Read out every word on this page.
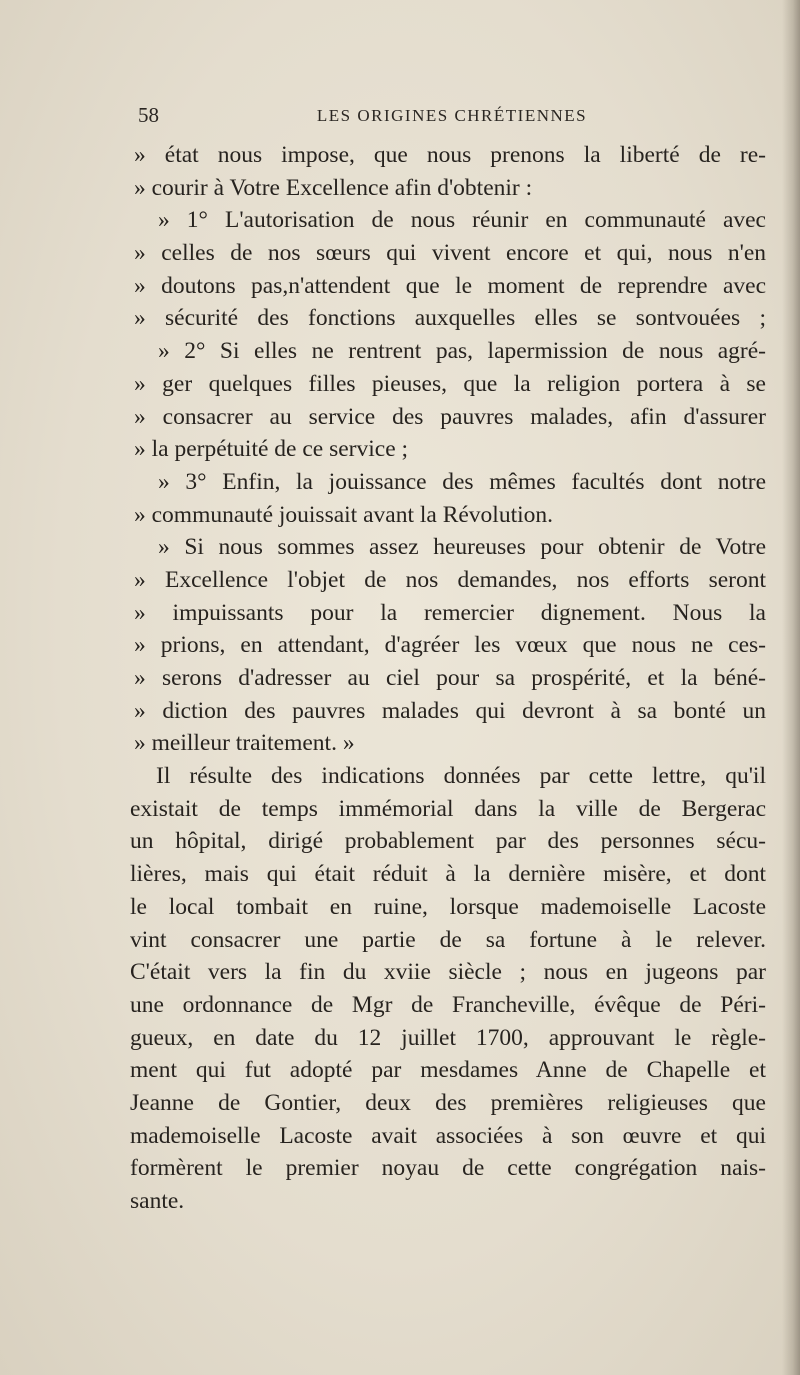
58	LES ORIGINES CHRÉTIENNES
» état nous impose, que nous prenons la liberté de re-
» courir à Votre Excellence afin d'obtenir :
» 1° L'autorisation de nous réunir en communauté avec
» celles de nos sœurs qui vivent encore et qui, nous n'en
» doutons pas,n'attendent que le moment de reprendre avec
» sécurité des fonctions auxquelles elles se sontvouées ;
» 2° Si elles ne rentrent pas, lapermission de nous agré-
» ger quelques filles pieuses, que la religion portera à se
» consacrer au service des pauvres malades, afin d'assurer
» la perpétuité de ce service ;
» 3° Enfin, la jouissance des mêmes facultés dont notre
» communauté jouissait avant la Révolution.
» Si nous sommes assez heureuses pour obtenir de Votre
» Excellence l'objet de nos demandes, nos efforts seront
» impuissants pour la remercier dignement. Nous la
» prions, en attendant, d'agréer les vœux que nous ne ces-
» serons d'adresser au ciel pour sa prospérité, et la béné-
» diction des pauvres malades qui devront à sa bonté un
» meilleur traitement. »
Il résulte des indications données par cette lettre, qu'il
existait de temps immémorial dans la ville de Bergerac
un hôpital, dirigé probablement par des personnes sécu-
lières, mais qui était réduit à la dernière misère, et dont
le local tombait en ruine, lorsque mademoiselle Lacoste
vint consacrer une partie de sa fortune à le relever.
C'était vers la fin du xviie siècle ; nous en jugeons par
une ordonnance de Mgr de Francheville, évêque de Péri-
gueux, en date du 12 juillet 1700, approuvant le règle-
ment qui fut adopté par mesdames Anne de Chapelle et
Jeanne de Gontier, deux des premières religieuses que
mademoiselle Lacoste avait associées à son œuvre et qui
formèrent le premier noyau de cette congrégation nais-
sante.
